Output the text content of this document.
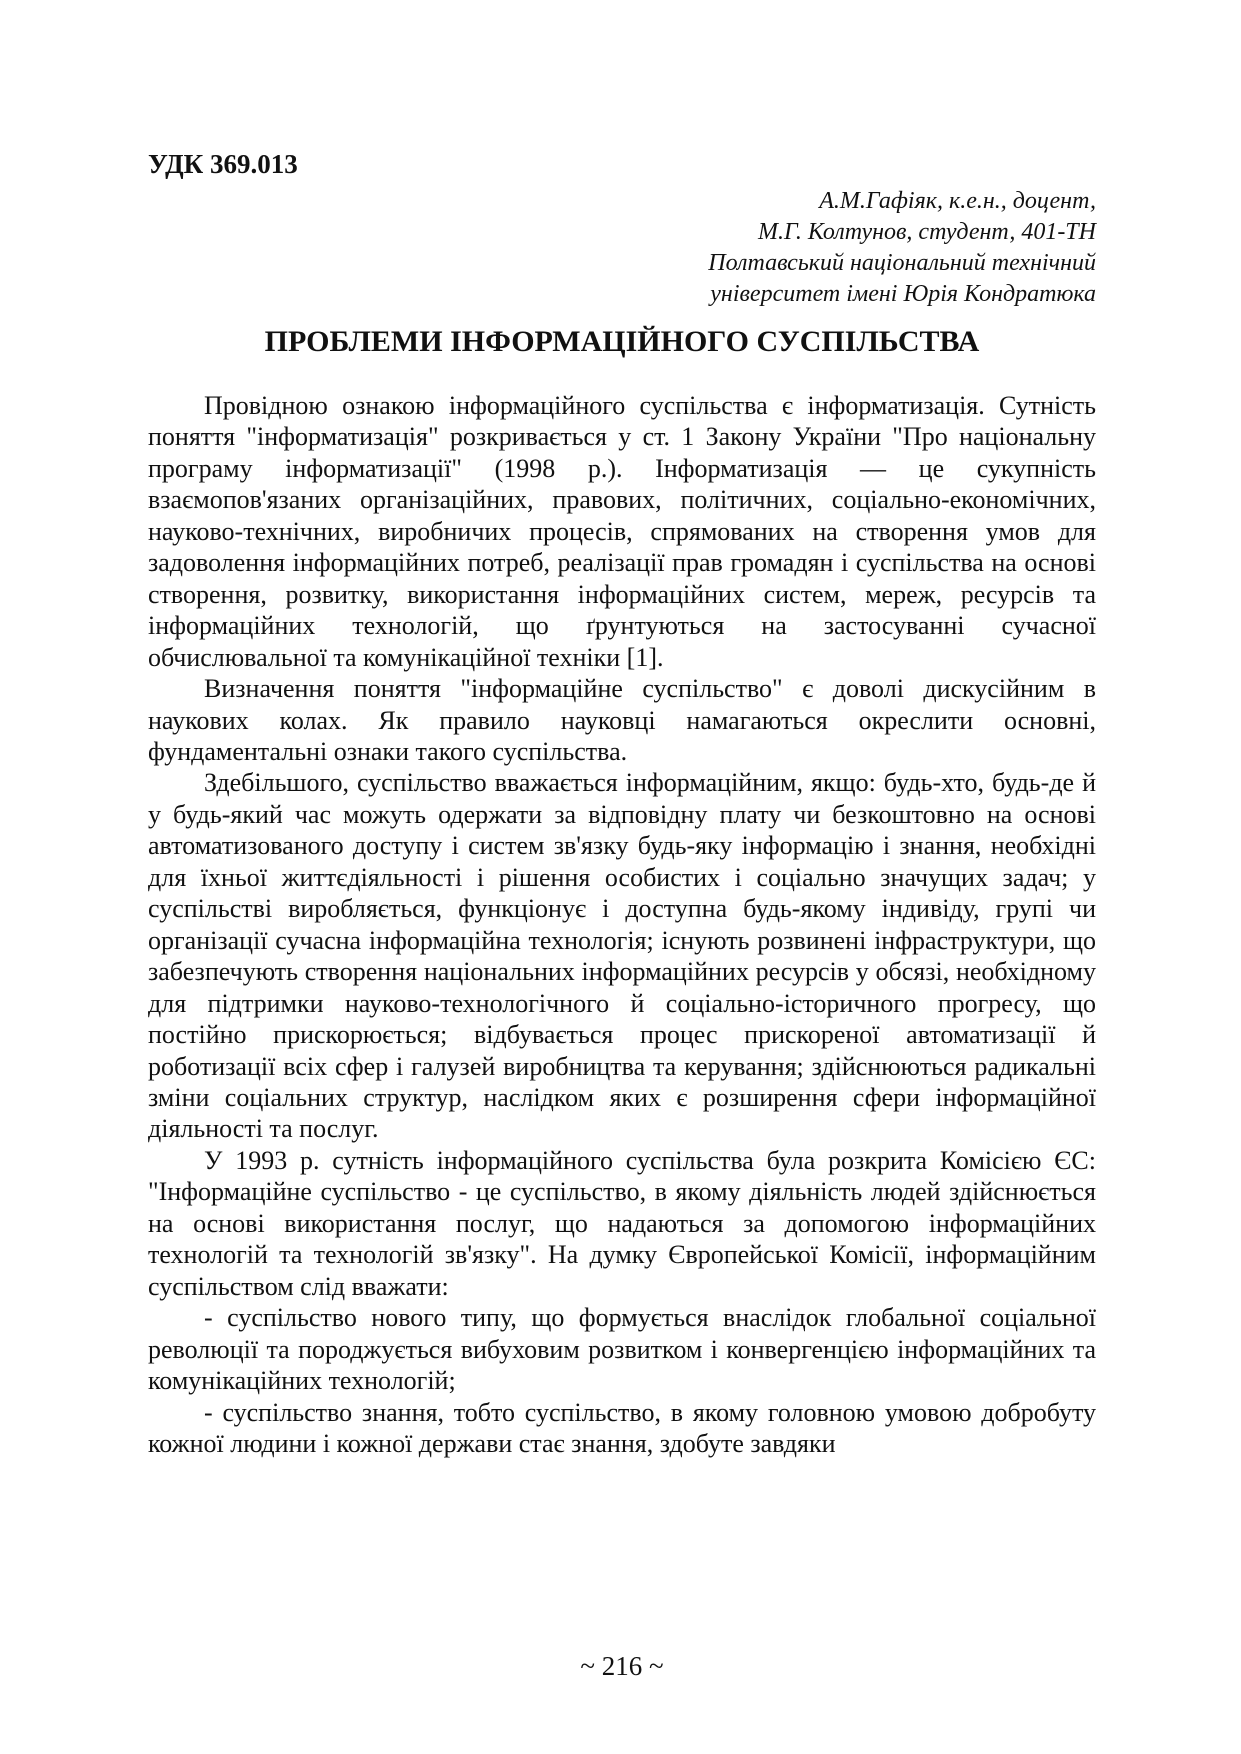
УДК 369.013
А.М.Гафіяк, к.е.н., доцент,
М.Г. Колтунов, студент, 401-ТН
Полтавський національний технічний
університет імені Юрія Кондратюка
ПРОБЛЕМИ ІНФОРМАЦІЙНОГО СУСПІЛЬСТВА

Провідною ознакою інформаційного суспільства є інформатизація. Сутність поняття "інформатизація" розкривається у ст. 1 Закону України "Про національну програму інформатизації" (1998 р.). Інформатизація — це сукупність взаємопов'язаних організаційних, правових, політичних, соціально-економічних, науково-технічних, виробничих процесів, спрямованих на створення умов для задоволення інформаційних потреб, реалізації прав громадян і суспільства на основі створення, розвитку, використання інформаційних систем, мереж, ресурсів та інформаційних технологій, що ґрунтуються на застосуванні сучасної обчислювальної та комунікаційної техніки [1].

Визначення поняття "інформаційне суспільство" є доволі дискусійним в наукових колах. Як правило науковці намагаються окреслити основні, фундаментальні ознаки такого суспільства.

Здебільшого, суспільство вважається інформаційним, якщо: будь-хто, будь-де й у будь-який час можуть одержати за відповідну плату чи безкоштовно на основі автоматизованого доступу і систем зв'язку будь-яку інформацію і знання, необхідні для їхньої життєдіяльності і рішення особистих і соціально значущих задач; у суспільстві виробляється, функціонує і доступна будь-якому індивіду, групі чи організації сучасна інформаційна технологія; існують розвинені інфраструктури, що забезпечують створення національних інформаційних ресурсів у обсязі, необхідному для підтримки науково-технологічного й соціально-історичного прогресу, що постійно прискорюється; відбувається процес прискореної автоматизації й роботизації всіх сфер і галузей виробництва та керування; здійснюються радикальні зміни соціальних структур, наслідком яких є розширення сфери інформаційної діяльності та послуг.

У 1993 р. сутність інформаційного суспільства була розкрита Комісією ЄС: "Інформаційне суспільство - це суспільство, в якому діяльність людей здійснюється на основі використання послуг, що надаються за допомогою інформаційних технологій та технологій зв'язку". На думку Європейської Комісії, інформаційним суспільством слід вважати:

- суспільство нового типу, що формується внаслідок глобальної соціальної революції та породжується вибуховим розвитком і конвергенцією інформаційних та комунікаційних технологій;

- суспільство знання, тобто суспільство, в якому головною умовою добробуту кожної людини і кожної держави стає знання, здобуте завдяки

~ 216 ~
